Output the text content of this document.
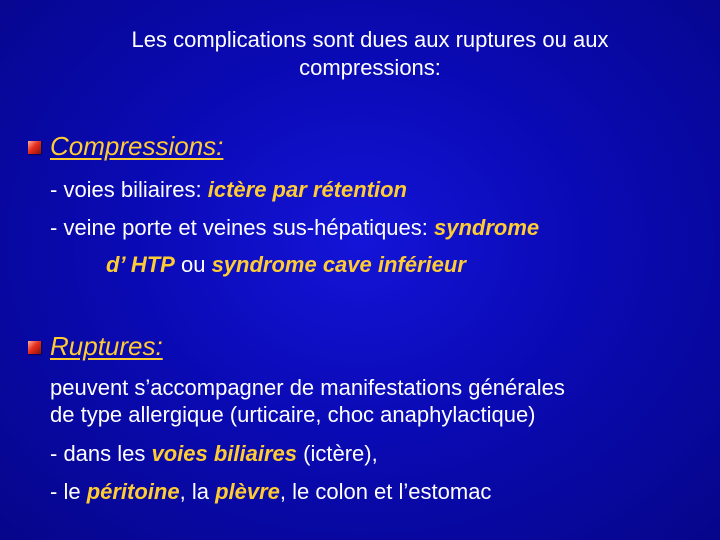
Les complications sont dues aux ruptures ou aux compressions:
Compressions:
- voies biliaires: ictère par rétention
- veine porte et veines sus-hépatiques: syndrome
d’ HTP ou syndrome cave inférieur
Ruptures:
peuvent s’accompagner de manifestations générales
de type allergique (urticaire, choc anaphylactique)
- dans les voies biliaires (ictère),
- le péritoine, la plèvre, le colon et l’estomac
